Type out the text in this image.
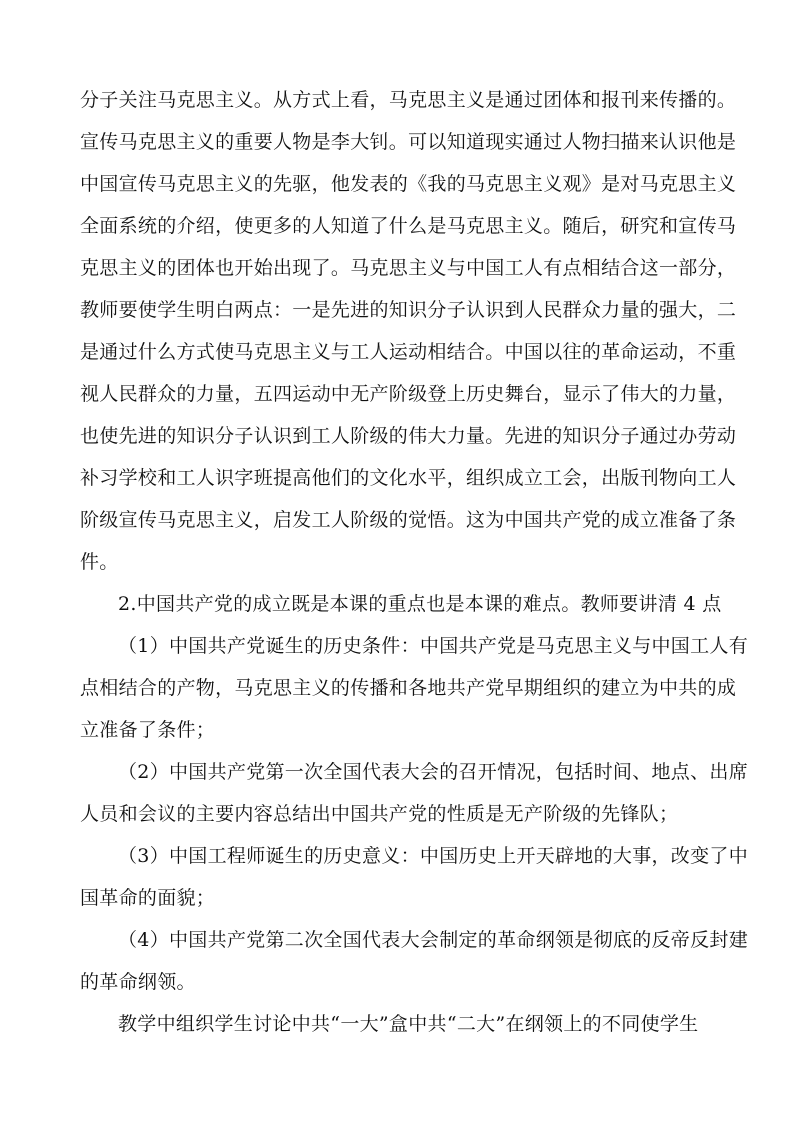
分子关注马克思主义。从方式上看，马克思主义是通过团体和报刊来传播的。
宣传马克思主义的重要人物是李大钊。可以知道现实通过人物扫描来认识他是
中国宣传马克思主义的先驱，他发表的《我的马克思主义观》是对马克思主义
全面系统的介绍，使更多的人知道了什么是马克思主义。随后，研究和宣传马
克思主义的团体也开始出现了。马克思主义与中国工人有点相结合这一部分，
教师要使学生明白两点：一是先进的知识分子认识到人民群众力量的强大，二
是通过什么方式使马克思主义与工人运动相结合。中国以往的革命运动，不重
视人民群众的力量，五四运动中无产阶级登上历史舞台，显示了伟大的力量，
也使先进的知识分子认识到工人阶级的伟大力量。先进的知识分子通过办劳动
补习学校和工人识字班提高他们的文化水平，组织成立工会，出版刊物向工人
阶级宣传马克思主义，启发工人阶级的觉悟。这为中国共产党的成立准备了条
件。
2.中国共产党的成立既是本课的重点也是本课的难点。教师要讲清 4 点
（1）中国共产党诞生的历史条件：中国共产党是马克思主义与中国工人有
点相结合的产物，马克思主义的传播和各地共产党早期组织的建立为中共的成
立准备了条件；
（2）中国共产党第一次全国代表大会的召开情况，包括时间、地点、出席
人员和会议的主要内容总结出中国共产党的性质是无产阶级的先锋队；
（3）中国工程师诞生的历史意义：中国历史上开天辟地的大事，改变了中
国革命的面貌；
（4）中国共产党第二次全国代表大会制定的革命纲领是彻底的反帝反封建
的革命纲领。
教学中组织学生讨论中共“一大”盒中共“二大”在纲领上的不同使学生
